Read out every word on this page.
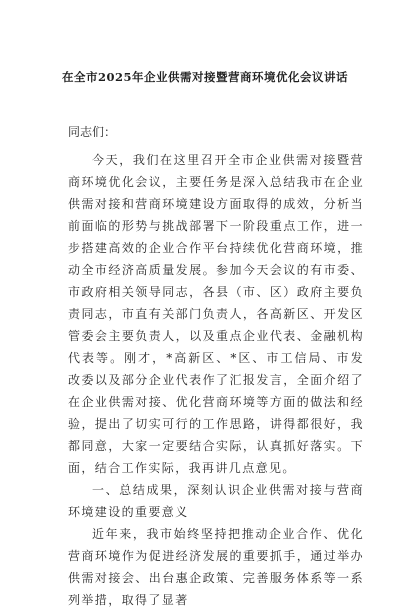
在全市2025年企业供需对接暨营商环境优化会议讲话

同志们：

今天，我们在这里召开全市企业供需对接暨营商环境优化会议，主要任务是深入总结我市在企业供需对接和营商环境建设方面取得的成效，分析当前面临的形势与挑战部署下一阶段重点工作，进一步搭建高效的企业合作平台持续优化营商环境，推动全市经济高质量发展。参加今天会议的有市委、市政府相关领导同志，各县（市、区）政府主要负责同志，市直有关部门负责人，各高新区、开发区管委会主要负责人，以及重点企业代表、金融机构代表等。刚才，*高新区、*区、市工信局、市发改委以及部分企业代表作了汇报发言，全面介绍了在企业供需对接、优化营商环境等方面的做法和经验，提出了切实可行的工作思路，讲得都很好，我都同意，大家一定要结合实际，认真抓好落实。下面，结合工作实际，我再讲几点意见。

一、总结成果，深刻认识企业供需对接与营商环境建设的重要意义

近年来，我市始终坚持把推动企业合作、优化营商环境作为促进经济发展的重要抓手，通过举办供需对接会、出台惠企政策、完善服务体系等一系列举措，取得了显著
